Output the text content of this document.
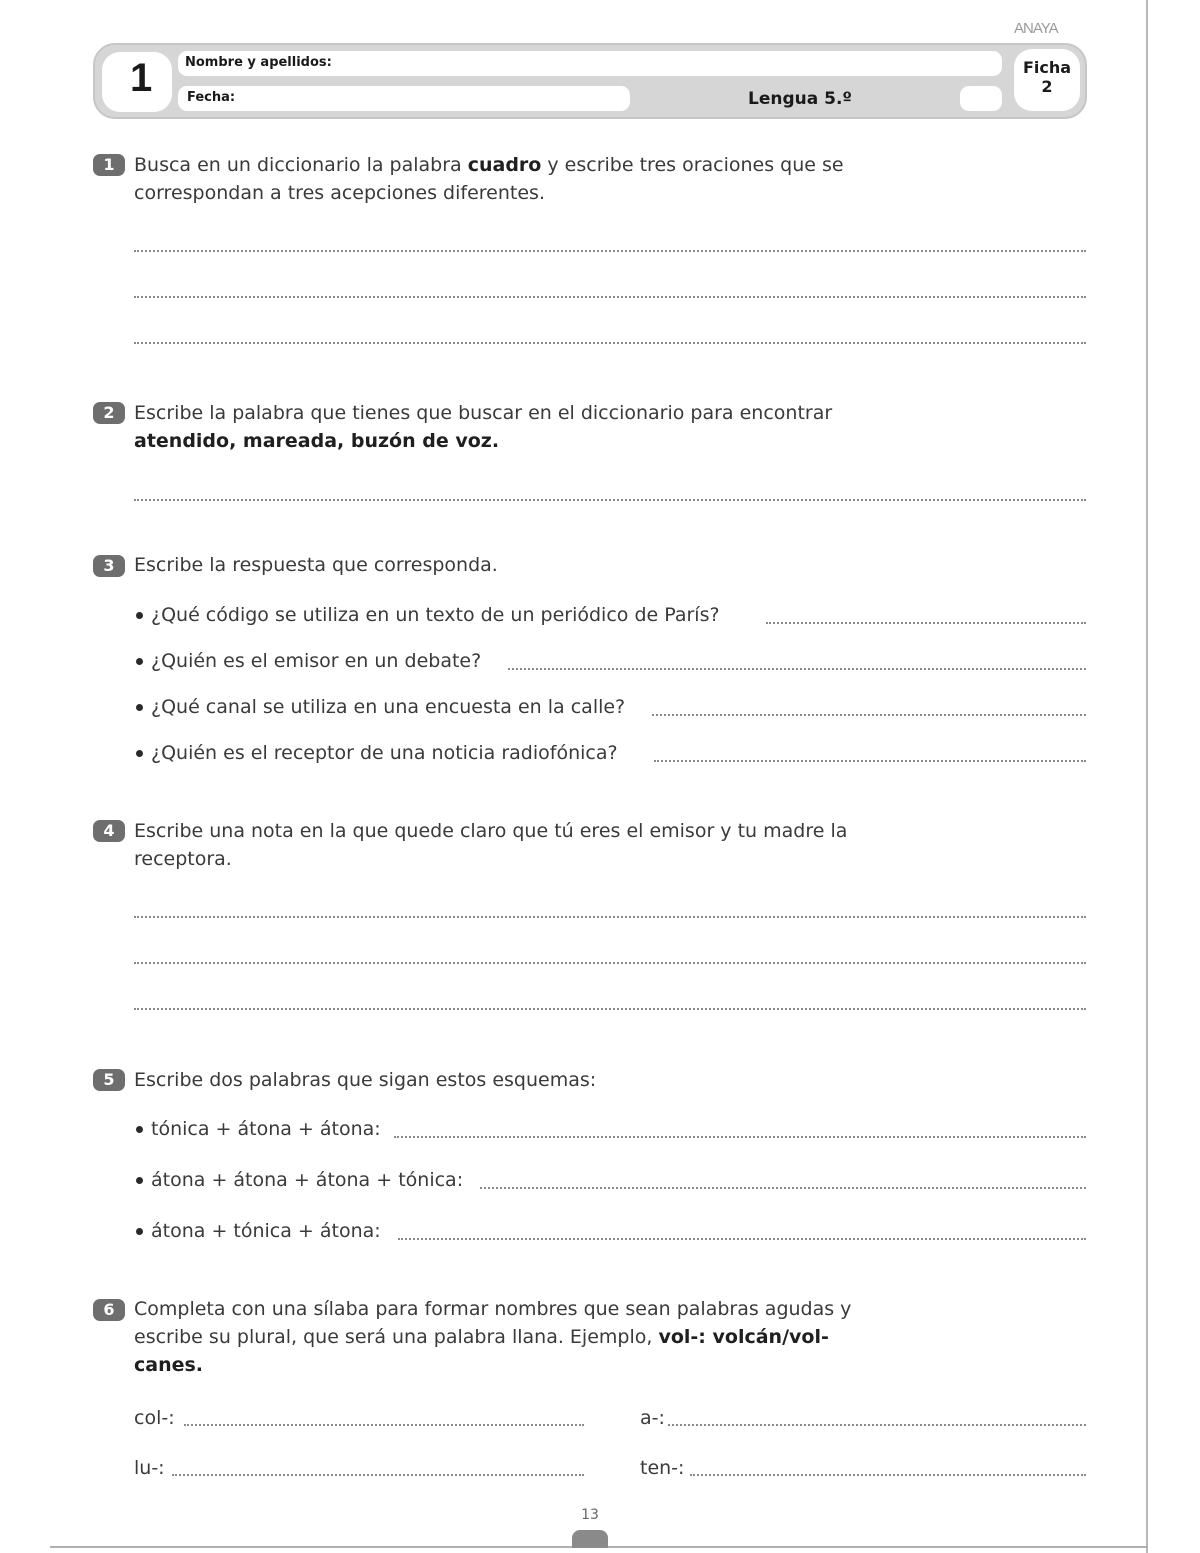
ANAYA
1	Nombre y apellidos:
Fecha:	Lengua 5.º
Ficha
2
1	Busca en un diccionario la palabra cuadro y escribe tres oraciones que se correspondan a tres acepciones diferentes.
2	Escribe la palabra que tienes que buscar en el diccionario para encontrar atendido, mareada, buzón de voz.
3	Escribe la respuesta que corresponda.
¿Qué código se utiliza en un texto de un periódico de París?
¿Quién es el emisor en un debate?
¿Qué canal se utiliza en una encuesta en la calle?
¿Quién es el receptor de una noticia radiofónica?
4	Escribe una nota en la que quede claro que tú eres el emisor y tu madre la receptora.
5	Escribe dos palabras que sigan estos esquemas:
tónica + átona + átona:
átona + átona + átona + tónica:
átona + tónica + átona:
6	Completa con una sílaba para formar nombres que sean palabras agudas y escribe su plural, que será una palabra llana. Ejemplo, vol-: volcán/vol-canes.
col-:	a-:
lu-:	ten-:
13
